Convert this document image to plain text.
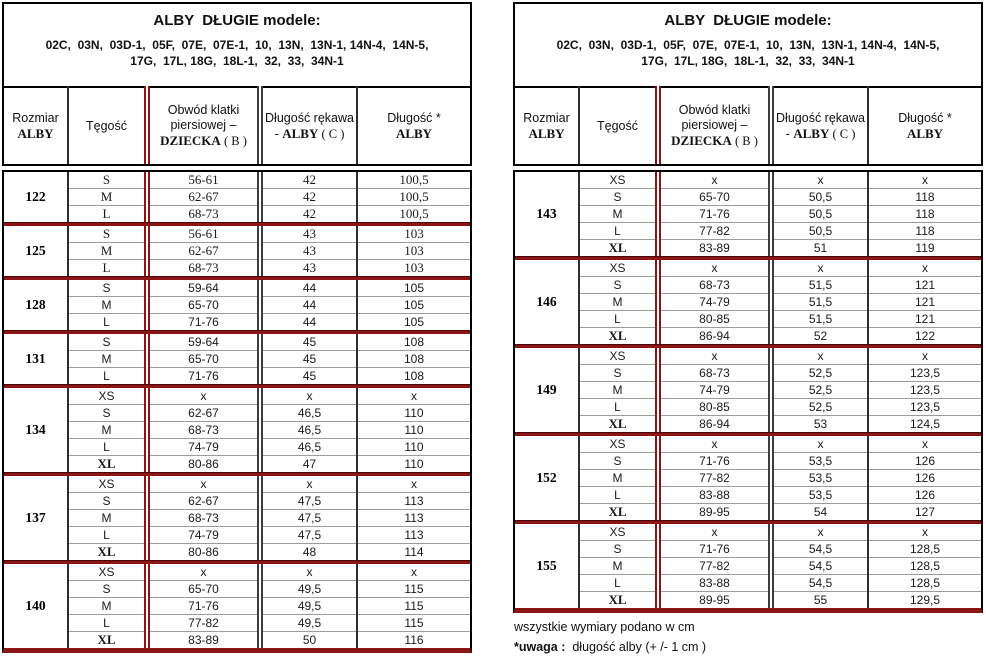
ALBY  DŁUGIE modele:
02C,  03N,  03D-1,  05F,  07E,  07E-1,  10,  13N,  13N-1, 14N-4,  14N-5,
17G,  17L, 18G,  18L-1,  32,  33,  34N-1
Rozmiar
ALBY	Tęgość	Obwód klatki
piersiowej –
DZIECKA ( B )	Długość rękawa
- ALBY ( C )	Długość *
ALBY
122	S	56-61	42	100,5
	M	62-67	42	100,5
	L	68-73	42	100,5
125	S	56-61	43	103
	M	62-67	43	103
	L	68-73	43	103
128	S	59-64	44	105
	M	65-70	44	105
	L	71-76	44	105
131	S	59-64	45	108
	M	65-70	45	108
	L	71-76	45	108
134	XS	x	x	x
	S	62-67	46,5	110
	M	68-73	46,5	110
	L	74-79	46,5	110
	XL	80-86	47	110
137	XS	x	x	x
	S	62-67	47,5	113
	M	68-73	47,5	113
	L	74-79	47,5	113
	XL	80-86	48	114
140	XS	x	x	x
	S	65-70	49,5	115
	M	71-76	49,5	115
	L	77-82	49,5	115
	XL	83-89	50	116
ALBY  DŁUGIE modele:
02C,  03N,  03D-1,  05F,  07E,  07E-1,  10,  13N,  13N-1, 14N-4,  14N-5,
17G,  17L, 18G,  18L-1,  32,  33,  34N-1
Rozmiar
ALBY	Tęgość	Obwód klatki
piersiowej –
DZIECKA ( B )	Długość rękawa
- ALBY ( C )	Długość *
ALBY
143	XS	x	x	x
	S	65-70	50,5	118
	M	71-76	50,5	118
	L	77-82	50,5	118
	XL	83-89	51	119
146	XS	x	x	x
	S	68-73	51,5	121
	M	74-79	51,5	121
	L	80-85	51,5	121
	XL	86-94	52	122
149	XS	x	x	x
	S	68-73	52,5	123,5
	M	74-79	52,5	123,5
	L	80-85	52,5	123,5
	XL	86-94	53	124,5
152	XS	x	x	x
	S	71-76	53,5	126
	M	77-82	53,5	126
	L	83-88	53,5	126
	XL	89-95	54	127
155	XS	x	x	x
	S	71-76	54,5	128,5
	M	77-82	54,5	128,5
	L	83-88	54,5	128,5
	XL	89-95	55	129,5
wszystkie wymiary podano w cm
*uwaga :  długość alby (+ /- 1 cm )
